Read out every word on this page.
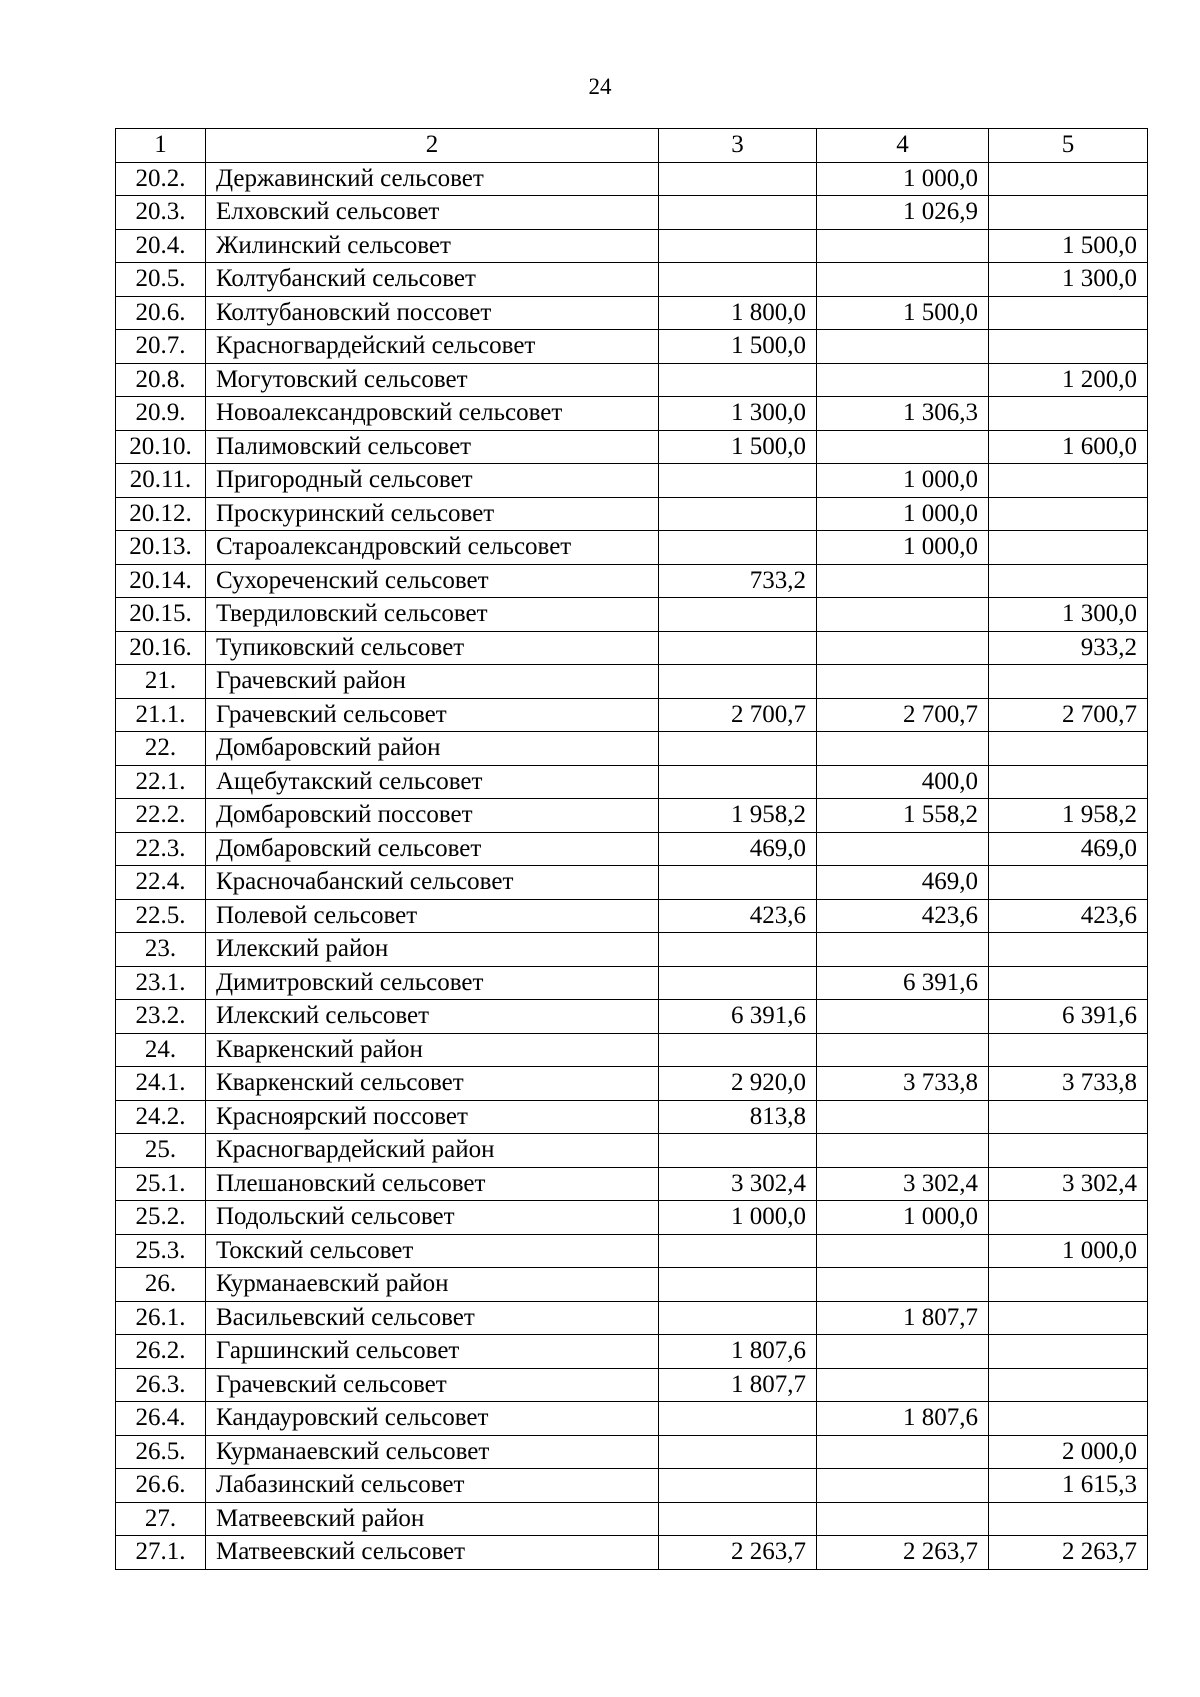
24
1	2	3	4	5
20.2.	Державинский сельсовет		1 000,0	
20.3.	Елховский сельсовет		1 026,9	
20.4.	Жилинский сельсовет			1 500,0
20.5.	Колтубанский сельсовет			1 300,0
20.6.	Колтубановский поссовет	1 800,0	1 500,0	
20.7.	Красногвардейский сельсовет	1 500,0		
20.8.	Могутовский сельсовет			1 200,0
20.9.	Новоалександровский сельсовет	1 300,0	1 306,3	
20.10.	Палимовский сельсовет	1 500,0		1 600,0
20.11.	Пригородный сельсовет		1 000,0	
20.12.	Проскуринский сельсовет		1 000,0	
20.13.	Староалександровский сельсовет		1 000,0	
20.14.	Сухореченский сельсовет	733,2		
20.15.	Твердиловский сельсовет			1 300,0
20.16.	Тупиковский сельсовет			933,2
21.	Грачевский район			
21.1.	Грачевский сельсовет	2 700,7	2 700,7	2 700,7
22.	Домбаровский район			
22.1.	Ащебутакский сельсовет		400,0	
22.2.	Домбаровский поссовет	1 958,2	1 558,2	1 958,2
22.3.	Домбаровский сельсовет	469,0		469,0
22.4.	Красночабанский сельсовет		469,0	
22.5.	Полевой сельсовет	423,6	423,6	423,6
23.	Илекский район			
23.1.	Димитровский сельсовет		6 391,6	
23.2.	Илекский сельсовет	6 391,6		6 391,6
24.	Кваркенский район			
24.1.	Кваркенский сельсовет	2 920,0	3 733,8	3 733,8
24.2.	Красноярский поссовет	813,8		
25.	Красногвардейский район			
25.1.	Плешановский сельсовет	3 302,4	3 302,4	3 302,4
25.2.	Подольский сельсовет	1 000,0	1 000,0	
25.3.	Токский сельсовет			1 000,0
26.	Курманаевский район			
26.1.	Васильевский сельсовет		1 807,7	
26.2.	Гаршинский сельсовет	1 807,6		
26.3.	Грачевский сельсовет	1 807,7		
26.4.	Кандауровский сельсовет		1 807,6	
26.5.	Курманаевский сельсовет			2 000,0
26.6.	Лабазинский сельсовет			1 615,3
27.	Матвеевский район			
27.1.	Матвеевский сельсовет	2 263,7	2 263,7	2 263,7
